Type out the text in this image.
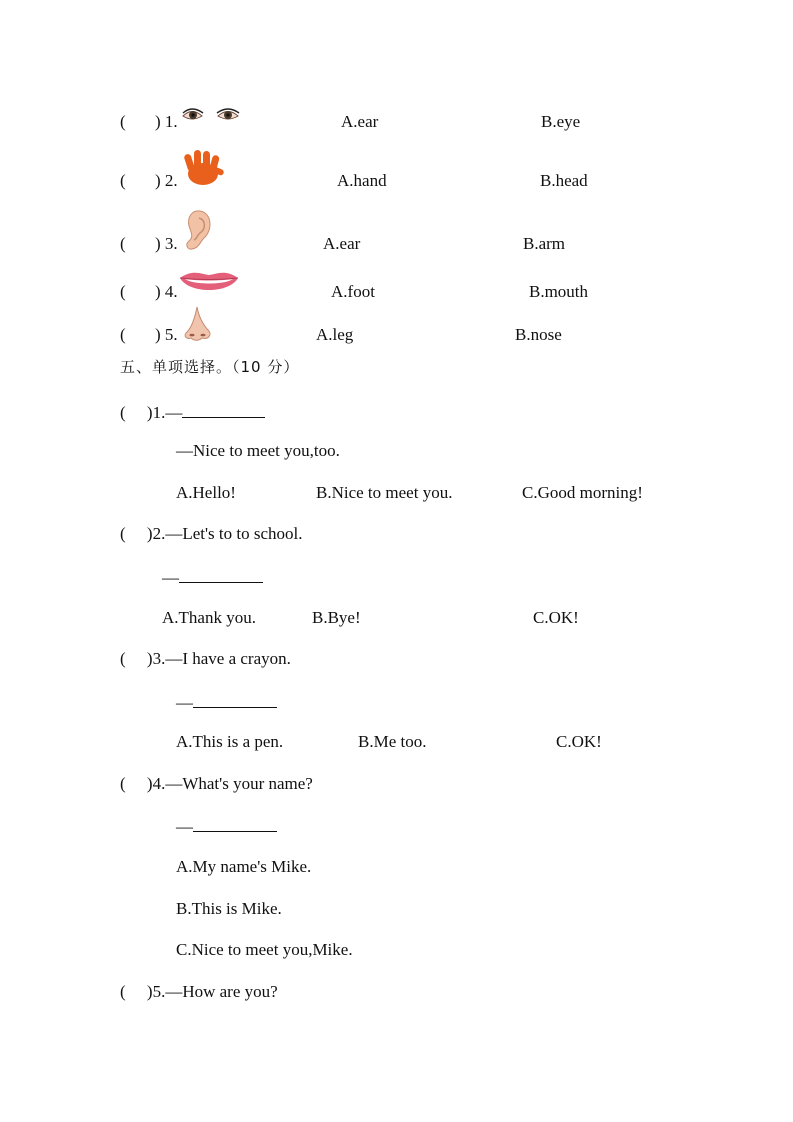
( ) 1.	A.ear	B.eye
( ) 2.	A.hand	B.head
( ) 3.	A.ear	B.arm
( ) 4.	A.foot	B.mouth
( ) 5.	A.leg	B.nose
五、单项选择。（10 分）
(　 )1.—
—Nice to meet you,too.
A.Hello!	B.Nice to meet you.	C.Good morning!
(　 )2.—Let's to to school.
—
A.Thank you.	B.Bye!	C.OK!
(　 )3.—I have a crayon.
—
A.This is a pen.	B.Me too.	C.OK!
(　 )4.—What's your name?
—
A.My name's Mike.
B.This is Mike.
C.Nice to meet you,Mike.
(　 )5.—How are you?
